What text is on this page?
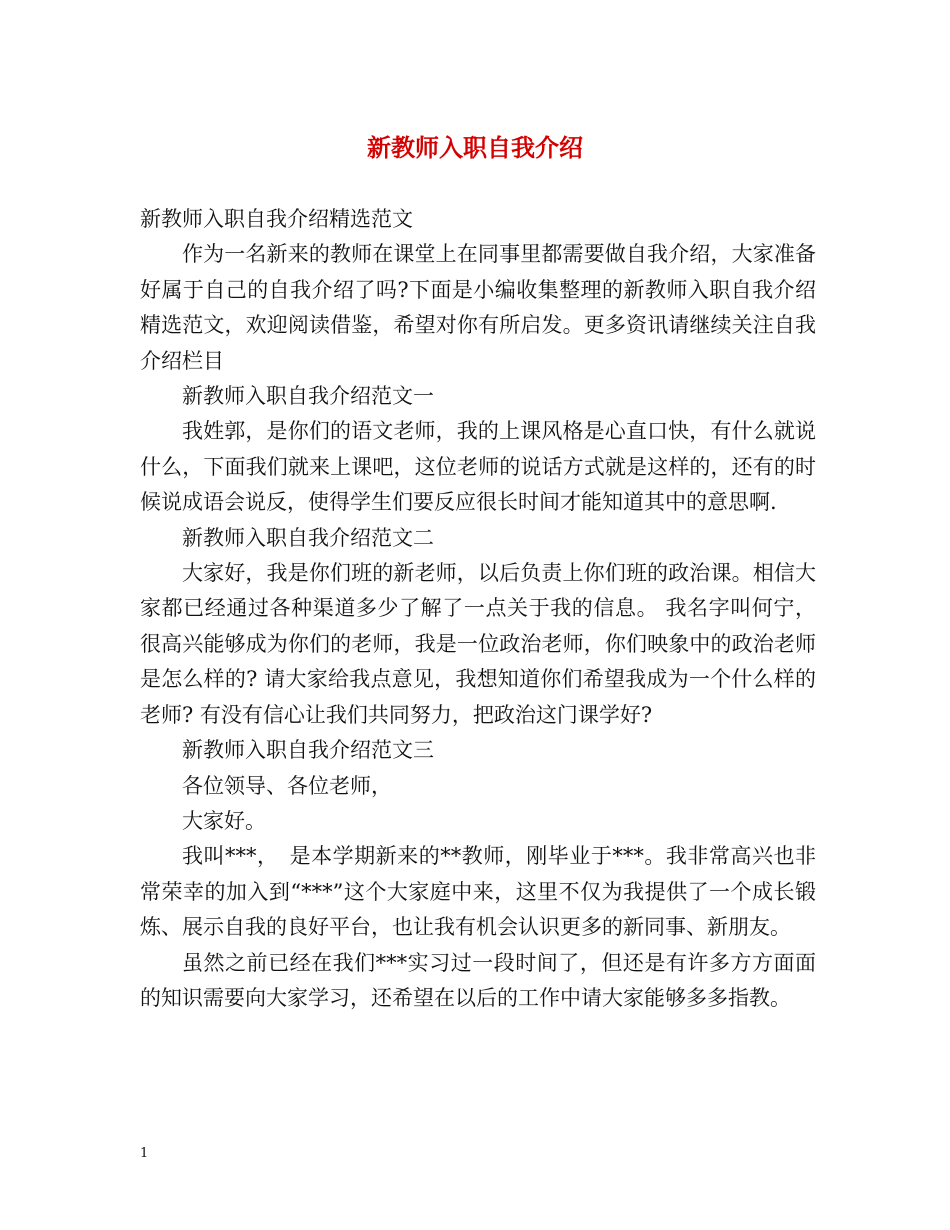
新教师入职自我介绍

新教师入职自我介绍精选范文

作为一名新来的教师在课堂上在同事里都需要做自我介绍，大家准备好属于自己的自我介绍了吗?下面是小编收集整理的新教师入职自我介绍精选范文，欢迎阅读借鉴，希望对你有所启发。更多资讯请继续关注自我介绍栏目

新教师入职自我介绍范文一

我姓郭，是你们的语文老师，我的上课风格是心直口快，有什么就说什么，下面我们就来上课吧，这位老师的说话方式就是这样的，还有的时候说成语会说反，使得学生们要反应很长时间才能知道其中的意思啊.

新教师入职自我介绍范文二

大家好，我是你们班的新老师，以后负责上你们班的政治课。相信大家都已经通过各种渠道多少了解了一点关于我的信息。 我名字叫何宁，很高兴能够成为你们的老师，我是一位政治老师，你们映象中的政治老师是怎么样的? 请大家给我点意见，我想知道你们希望我成为一个什么样的老师? 有没有信心让我们共同努力，把政治这门课学好?

新教师入职自我介绍范文三

各位领导、各位老师，

大家好。

我叫***，　是本学期新来的**教师，刚毕业于***。我非常高兴也非常荣幸的加入到“***”这个大家庭中来，这里不仅为我提供了一个成长锻炼、展示自我的良好平台，也让我有机会认识更多的新同事、新朋友。

虽然之前已经在我们***实习过一段时间了，但还是有许多方方面面的知识需要向大家学习，还希望在以后的工作中请大家能够多多指教。

1
